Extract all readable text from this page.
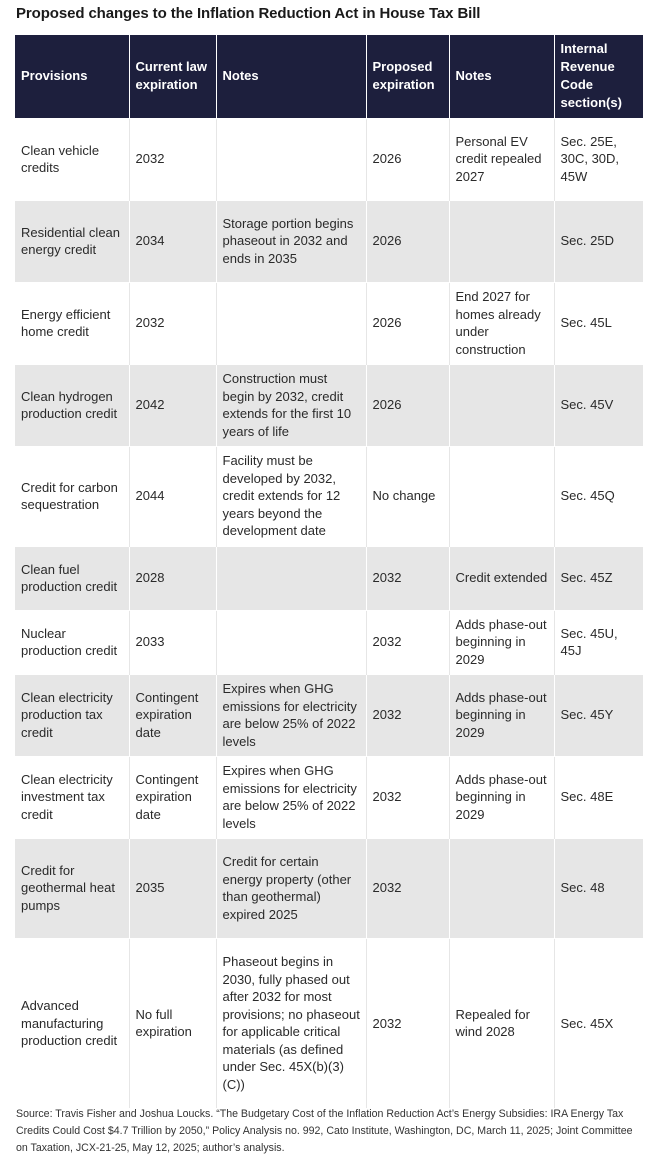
Proposed changes to the Inflation Reduction Act in House Tax Bill
Provisions	Current law expiration	Notes	Proposed expiration	Notes	Internal Revenue Code section(s)
Clean vehicle credits	2032		2026	Personal EV credit repealed 2027	Sec. 25E, 30C, 30D, 45W
Residential clean energy credit	2034	Storage portion begins phaseout in 2032 and ends in 2035	2026		Sec. 25D
Energy efficient home credit	2032		2026	End 2027 for homes already under construction	Sec. 45L
Clean hydrogen production credit	2042	Construction must begin by 2032, credit extends for the first 10 years of life	2026		Sec. 45V
Credit for carbon sequestration	2044	Facility must be developed by 2032, credit extends for 12 years beyond the development date	No change		Sec. 45Q
Clean fuel production credit	2028		2032	Credit extended	Sec. 45Z
Nuclear production credit	2033		2032	Adds phase-out beginning in 2029	Sec. 45U, 45J
Clean electricity production tax credit	Contingent expiration date	Expires when GHG emissions for electricity are below 25% of 2022 levels	2032	Adds phase-out beginning in 2029	Sec. 45Y
Clean electricity investment tax credit	Contingent expiration date	Expires when GHG emissions for electricity are below 25% of 2022 levels	2032	Adds phase-out beginning in 2029	Sec. 48E
Credit for geothermal heat pumps	2035	Credit for certain energy property (other than geothermal) expired 2025	2032		Sec. 48
Advanced manufacturing production credit	No full expiration	Phaseout begins in 2030, fully phased out after 2032 for most provisions; no phaseout for applicable critical materials (as defined under Sec. 45X(b)(3)(C))	2032	Repealed for wind 2028	Sec. 45X
Source: Travis Fisher and Joshua Loucks. “The Budgetary Cost of the Inflation Reduction Act’s Energy Subsidies: IRA Energy Tax Credits Could Cost $4.7 Trillion by 2050,” Policy Analysis no. 992, Cato Institute, Washington, DC, March 11, 2025; Joint Committee on Taxation, JCX-21-25, May 12, 2025; author’s analysis.
